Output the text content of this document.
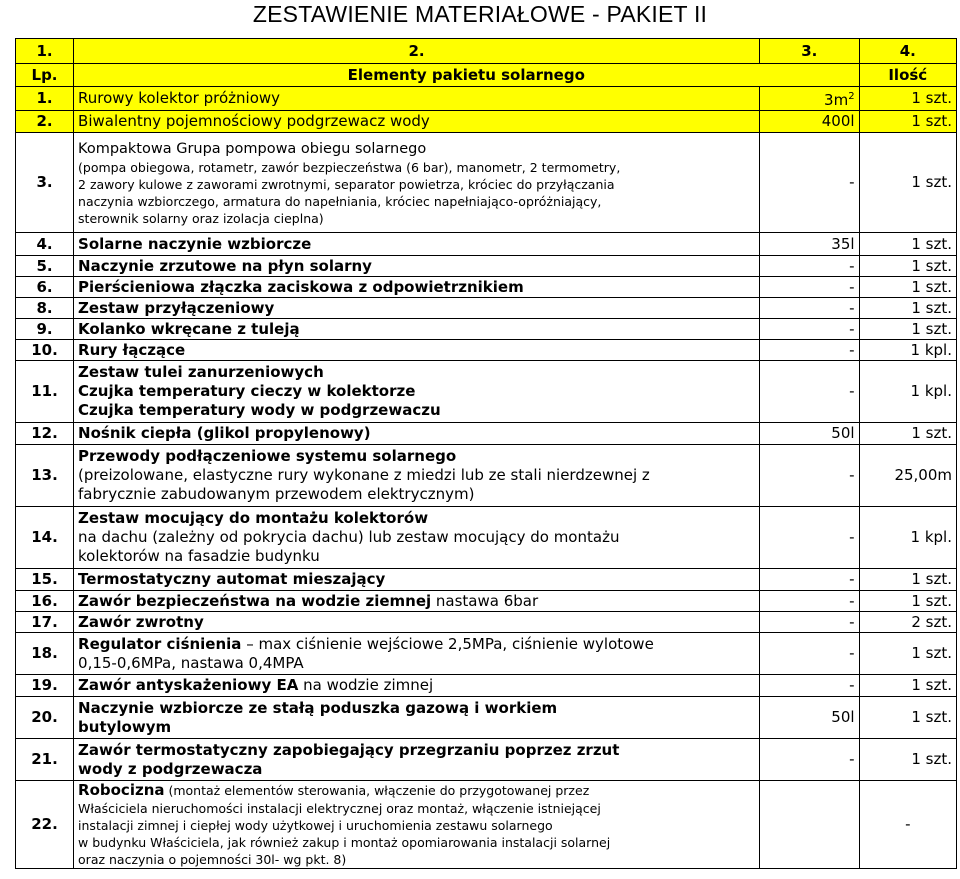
ZESTAWIENIE MATERIAŁOWE - PAKIET II
1.	2.	3.	4.
Lp.	Elementy pakietu solarnego		Ilość
1.	Rurowy kolektor próżniowy	$3m^2$	1 szt.
2.	Biwalentny pojemnościowy podgrzewacz wody	400l	1 szt.
3.	Kompaktowa Grupa pompowa obiegu solarnego
(pompa obiegowa, rotametr, zawór bezpieczeństwa (6 bar), manometr, 2 termometry,
2 zawory kulowe z zaworami zwrotnymi, separator powietrza, króciec do przyłączania
naczynia wzbiorczego, armatura do napełniania, króciec napełniająco-opróżniający,
sterownik solarny oraz izolacja cieplna)	-	1 szt.
4.	Solarne naczynie wzbiorcze	35l	1 szt.
5.	Naczynie zrzutowe na płyn solarny	-	1 szt.
6.	Pierścieniowa złączka zaciskowa z odpowietrznikiem	-	1 szt.
8.	Zestaw przyłączeniowy	-	1 szt.
9.	Kolanko wkręcane z tuleją	-	1 szt.
10.	Rury łączące	-	1 kpl.
11.	Zestaw tulei zanurzeniowych
Czujka temperatury cieczy w kolektorze
Czujka temperatury wody w podgrzewaczu	-	1 kpl.
12.	Nośnik ciepła (glikol propylenowy)	50l	1 szt.
13.	Przewody podłączeniowe systemu solarnego
(preizolowane, elastyczne rury wykonane z miedzi lub ze stali nierdzewnej z
fabrycznie zabudowanym przewodem elektrycznym)	-	25,00m
14.	Zestaw mocujący do montażu kolektorów
na dachu (zależny od pokrycia dachu) lub zestaw mocujący do montażu
kolektorów na fasadzie budynku	-	1 kpl.
15.	Termostatyczny automat mieszający	-	1 szt.
16.	Zawór bezpieczeństwa na wodzie ziemnej nastawa 6bar	-	1 szt.
17.	Zawór zwrotny	-	2 szt.
18.	Regulator ciśnienia – max ciśnienie wejściowe 2,5MPa, ciśnienie wylotowe
0,15-0,6MPa, nastawa 0,4MPA	-	1 szt.
19.	Zawór antyskażeniowy EA na wodzie zimnej	-	1 szt.
20.	Naczynie wzbiorcze ze stałą poduszka gazową i workiem
butylowym	50l	1 szt.
21.	Zawór termostatyczny zapobiegający przegrzaniu poprzez zrzut
wody z podgrzewacza	-	1 szt.
22.	Robocizna (montaż elementów sterowania, włączenie do przygotowanej przez
Właściciela nieruchomości instalacji elektrycznej oraz montaż, włączenie istniejącej
instalacji zimnej i ciepłej wody użytkowej i uruchomienia zestawu solarnego
w budynku Właściciela, jak również zakup i montaż opomiarowania instalacji solarnej
oraz naczynia o pojemności 30l- wg pkt. 8)		-
